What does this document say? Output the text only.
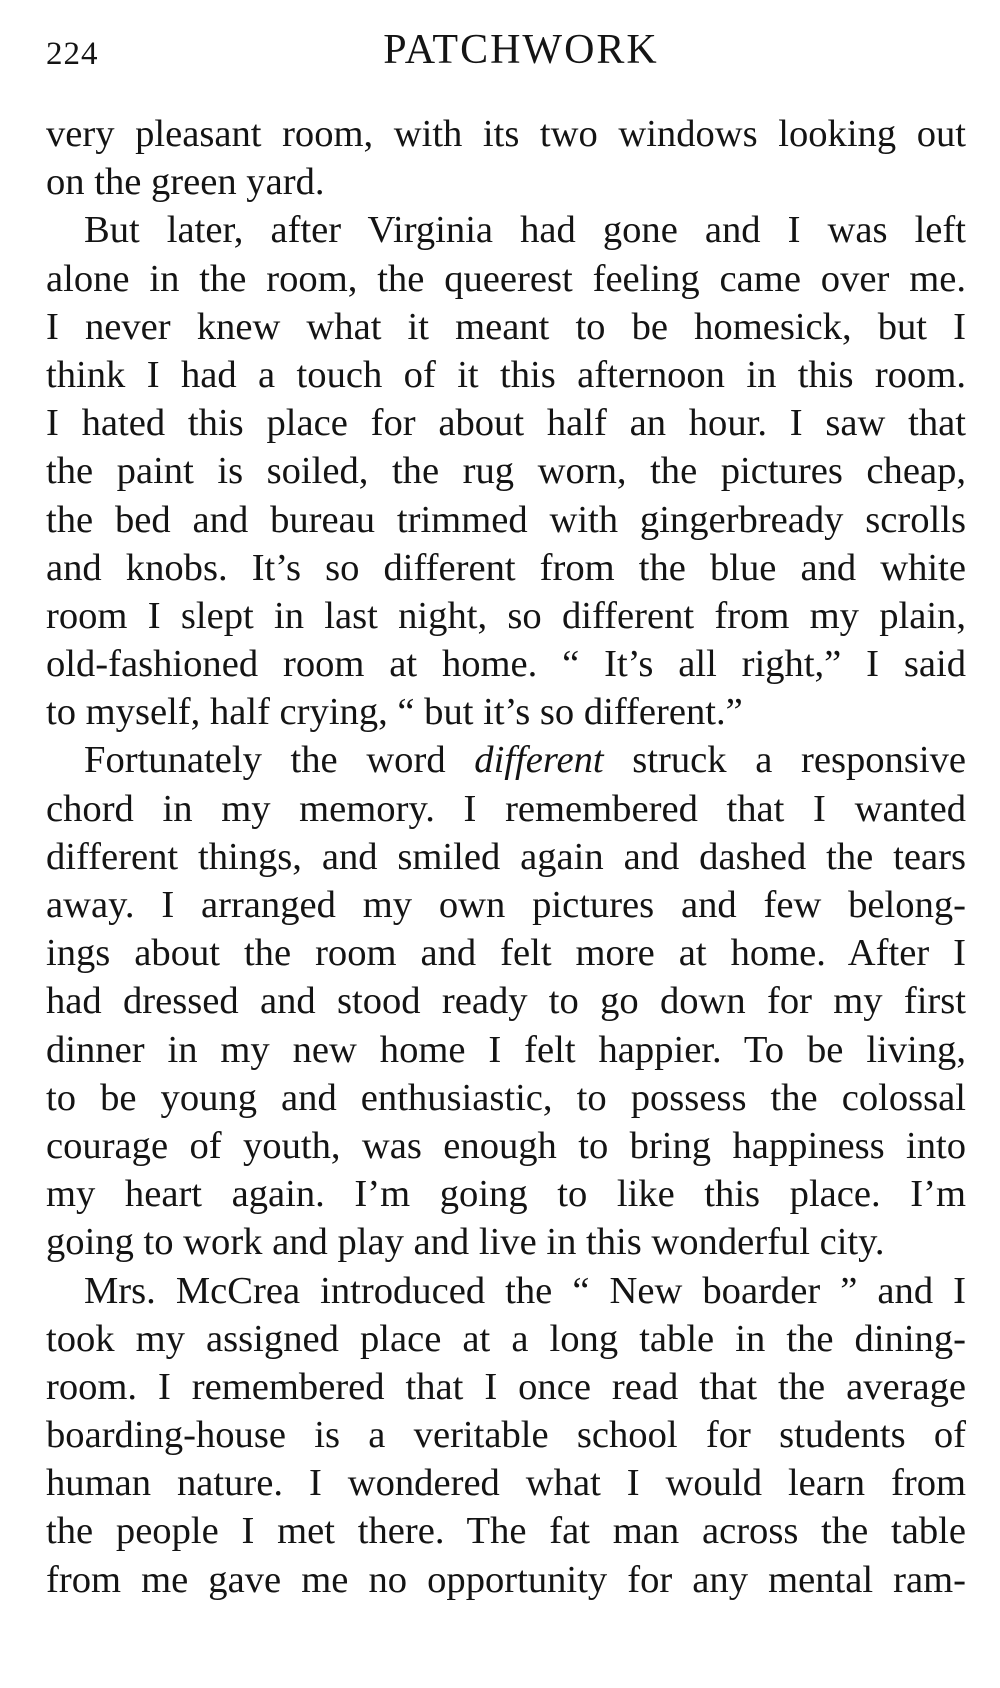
224	PATCHWORK
very pleasant room, with its two windows looking out
on the green yard.
But later, after Virginia had gone and I was left
alone in the room, the queerest feeling came over me.
I never knew what it meant to be homesick, but I
think I had a touch of it this afternoon in this room.
I hated this place for about half an hour. I saw that
the paint is soiled, the rug worn, the pictures cheap,
the bed and bureau trimmed with gingerbready scrolls
and knobs. It’s so different from the blue and white
room I slept in last night, so different from my plain,
old-fashioned room at home. “ It’s all right,” I said
to myself, half crying, “ but it’s so different.”
Fortunately the word different struck a responsive
chord in my memory. I remembered that I wanted
different things, and smiled again and dashed the tears
away. I arranged my own pictures and few belong-
ings about the room and felt more at home. After I
had dressed and stood ready to go down for my first
dinner in my new home I felt happier. To be living,
to be young and enthusiastic, to possess the colossal
courage of youth, was enough to bring happiness into
my heart again. I’m going to like this place. I’m
going to work and play and live in this wonderful city.
Mrs. McCrea introduced the “ New boarder ” and I
took my assigned place at a long table in the dining-
room. I remembered that I once read that the average
boarding-house is a veritable school for students of
human nature. I wondered what I would learn from
the people I met there. The fat man across the table
from me gave me no opportunity for any mental ram-
